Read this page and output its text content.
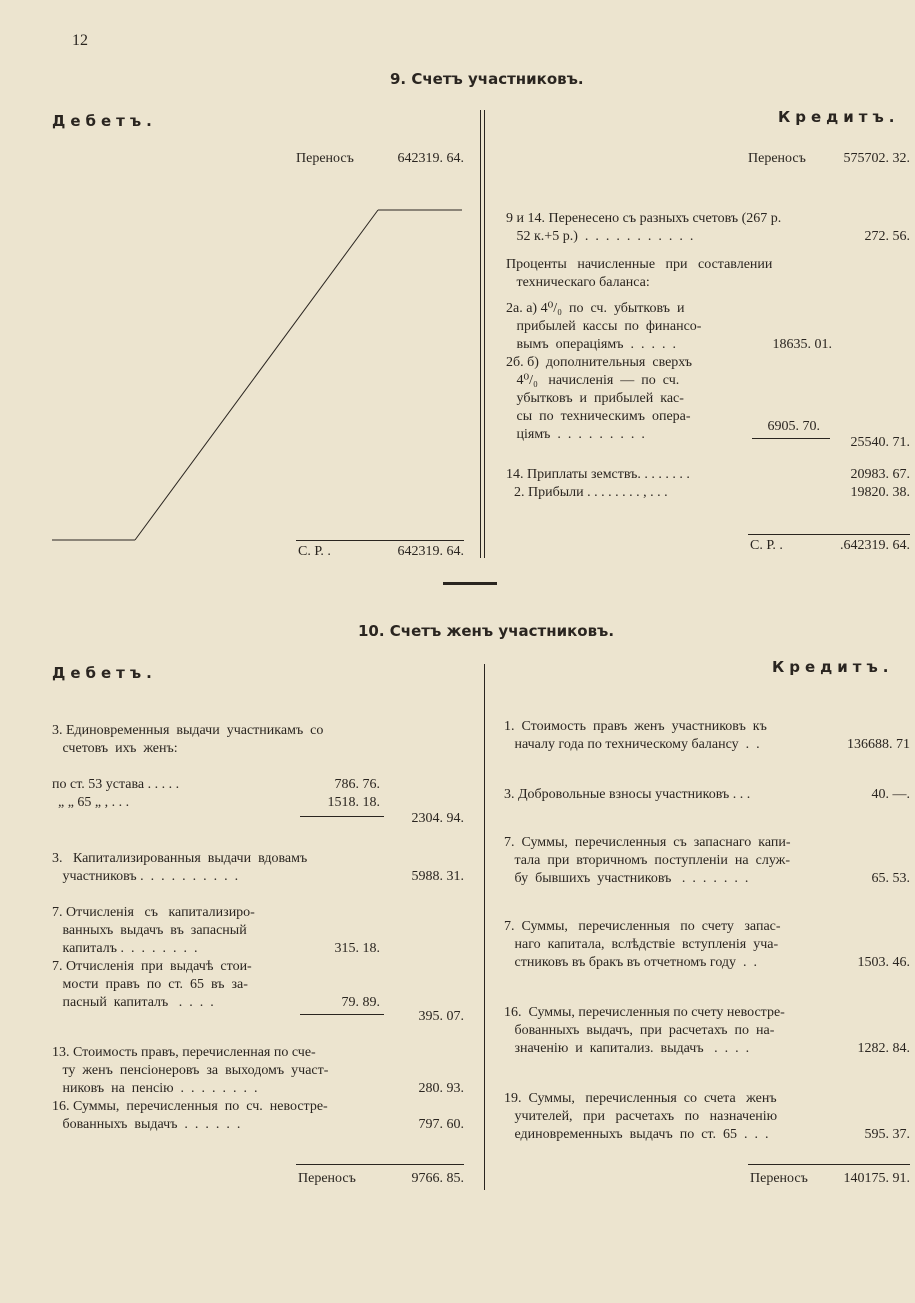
12
9. Счетъ участниковъ.
Дебетъ.	Кредитъ.
Переносъ	642319. 64.
С. Р. .	642319. 64.
Переносъ	575702. 32.
9 и 14. Перенесено съ разныхъ счетовъ (267 р.
52 к.+5 р.)  .  .  .  .  .  .  .  .  .  .  .	272. 56.
Проценты   начисленные   при   составлении
техническаго баланса:
2а. а) 4⁰/₀  по  сч.  убытковъ  и
прибылей  кассы  по  финансо-
вымъ  операціямъ  .  .  .  .  .	18635. 01.
2б. б)  дополнительныя  сверхъ
4⁰/₀   начисленія  —  по  сч.
убытковъ  и  прибылей  кас-
сы  по  техническимъ  опера-
ціямъ  .  .  .  .  .  .  .  .  .
6905. 70.
25540. 71.
14. Приплаты земствъ. . . . . . . .	20983. 67.
2. Прибыли . . . . . . . . , . . .	19820. 38.
С. Р. .	.642319. 64.
10. Счетъ женъ участниковъ.
Дебетъ.	Кредитъ.
3. Единовременныя  выдачи  участникамъ  со
счетовъ  ихъ  женъ:
по ст. 53 устава . . . . .	786. 76.
„ „ 65 „ , . . .	1518. 18.
2304. 94.
3.   Капитализированныя  выдачи  вдовамъ
участниковъ .  .  .  .  .  .  .  .  .  .	5988. 31.
7. Отчисленія   съ   капитализиро-
ванныхъ  выдачъ  въ  запасный
капиталъ .  .  .  .  .  .  .  .	315. 18.
7. Отчисленія  при  выдачѣ  стои-
мости  правъ  по  ст.  65  въ  за-
пасный  капиталъ   .  .  .  .	79. 89.
395. 07.
13. Стоимость правъ, перечисленная по сче-
ту  женъ  пенсіонеровъ  за  выходомъ  участ-
никовъ  на  пенсію  .  .  .  .  .  .  .  .	280. 93.
16. Суммы,  перечисленныя  по  сч.  невостре-
бованныхъ  выдачъ  .  .  .  .  .  .	797. 60.
Переносъ	9766. 85.
1.  Стоимость  правъ  женъ  участниковъ  къ
началу года по техническому балансу  .  .	136688. 71
3. Добровольные взносы участниковъ . . .	40. —.
7.  Суммы,  перечисленныя  съ  запаснаго  капи-
тала  при  вторичномъ  поступленіи  на  служ-
бу  бывшихъ  участниковъ   .  .  .  .  .  .  .	65. 53.
7.  Суммы,   перечисленныя   по  счету   запас-
наго  капитала,  вслѣдствіе  вступленія  уча-
стниковъ въ бракъ въ отчетномъ году  .  .	1503. 46.
16.  Суммы, перечисленныя по счету невостре-
бованныхъ  выдачъ,  при  расчетахъ  по  на-
значенію  и  капитализ.  выдачъ   .  .  .  .	1282. 84.
19.  Суммы,   перечисленныя  со  счета   женъ
учителей,   при   расчетахъ   по   назначенію
единовременныхъ  выдачъ  по  ст.  65  .  .  .	595. 37.
Переносъ	140175. 91.
